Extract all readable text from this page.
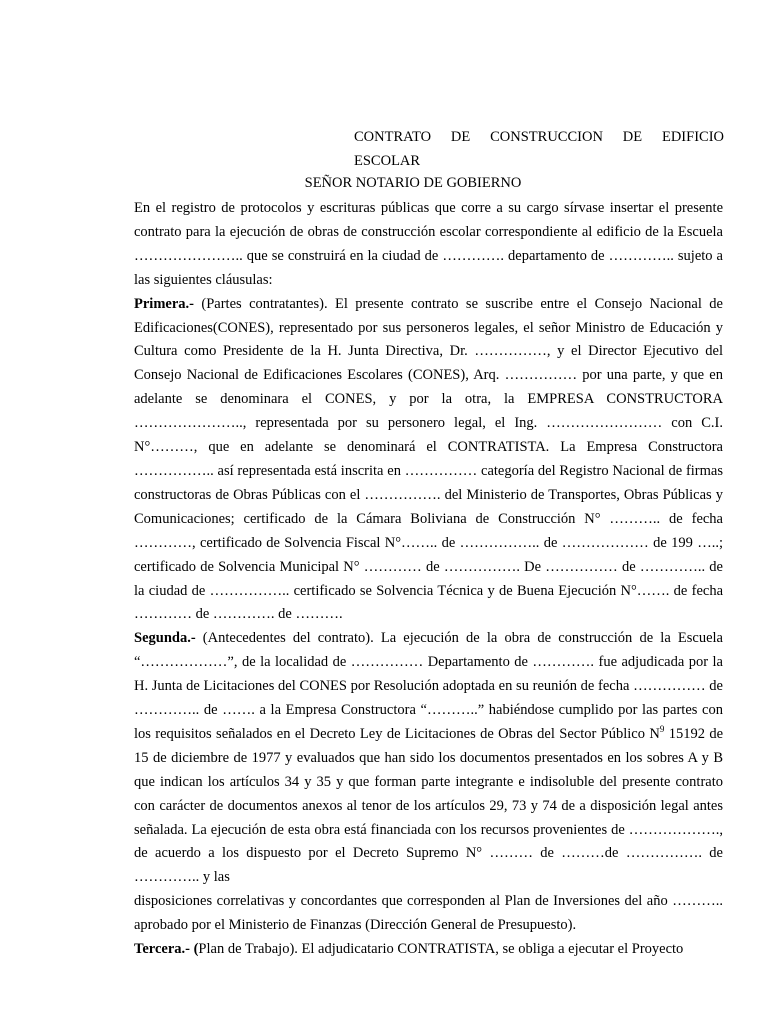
CONTRATO DE CONSTRUCCION DE EDIFICIO
ESCOLAR
SEÑOR NOTARIO DE GOBIERNO

En el registro de protocolos y escrituras públicas que corre a su cargo sírvase insertar el presente contrato para la ejecución de obras de construcción escolar correspondiente al edificio de la Escuela ………………….. que se construirá en la ciudad de …………. departamento de ………….. sujeto a las siguientes cláusulas:

Primera.- (Partes contratantes). El presente contrato se suscribe entre el Consejo Nacional de Edificaciones(CONES), representado por sus personeros legales, el señor Ministro de Educación y Cultura como Presidente de la H. Junta Directiva, Dr. ……………, y el Director Ejecutivo del Consejo Nacional de Edificaciones Escolares (CONES), Arq. …………… por una parte, y que en adelante se denominara el CONES, y por la otra, la EMPRESA CONSTRUCTORA ………………….., representada por su personero legal, el Ing. …………………… con C.I. N°………, que en adelante se denominará el CONTRATISTA. La Empresa Constructora …………….. así representada está inscrita en …………… categoría del Registro Nacional de firmas constructoras de Obras Públicas con el ……………. del Ministerio de Transportes, Obras Públicas y Comunicaciones; certificado de la Cámara Boliviana de Construcción N° ……….. de fecha …………, certificado de Solvencia Fiscal N°…….. de …………….. de ……………… de 199 …..; certificado de Solvencia Municipal N° ………… de ……………. De …………… de ………….. de la ciudad de …………….. certificado se Solvencia Técnica y de Buena Ejecución N°……. de fecha ………… de …………. de ……….

Segunda.- (Antecedentes del contrato). La ejecución de la obra de construcción de la Escuela “………………”, de la localidad de …………… Departamento de …………. fue adjudicada por la H. Junta de Licitaciones del CONES por Resolución adoptada en su reunión de fecha …………… de ………….. de ……. a la Empresa Constructora “………..” habiéndose cumplido por las partes con los requisitos señalados en el Decreto Ley de Licitaciones de Obras del Sector Público $N^9$ 15192 de 15 de diciembre de 1977 y evaluados que han sido los documentos presentados en los sobres A y B que indican los artículos 34 y 35 y que forman parte integrante e indisoluble del presente contrato con carácter de documentos anexos al tenor de los artículos 29, 73 y 74 de a disposición legal antes señalada. La ejecución de esta obra está financiada con los recursos provenientes de ………………., de acuerdo a los dispuesto por el Decreto Supremo N° ……… de ………de ……………. de ………….. y las

disposiciones correlativas y concordantes que corresponden al Plan de Inversiones del año ……….. aprobado por el Ministerio de Finanzas (Dirección General de Presupuesto).

Tercera.- (Plan de Trabajo). El adjudicatario CONTRATISTA, se obliga a ejecutar el Proyecto
